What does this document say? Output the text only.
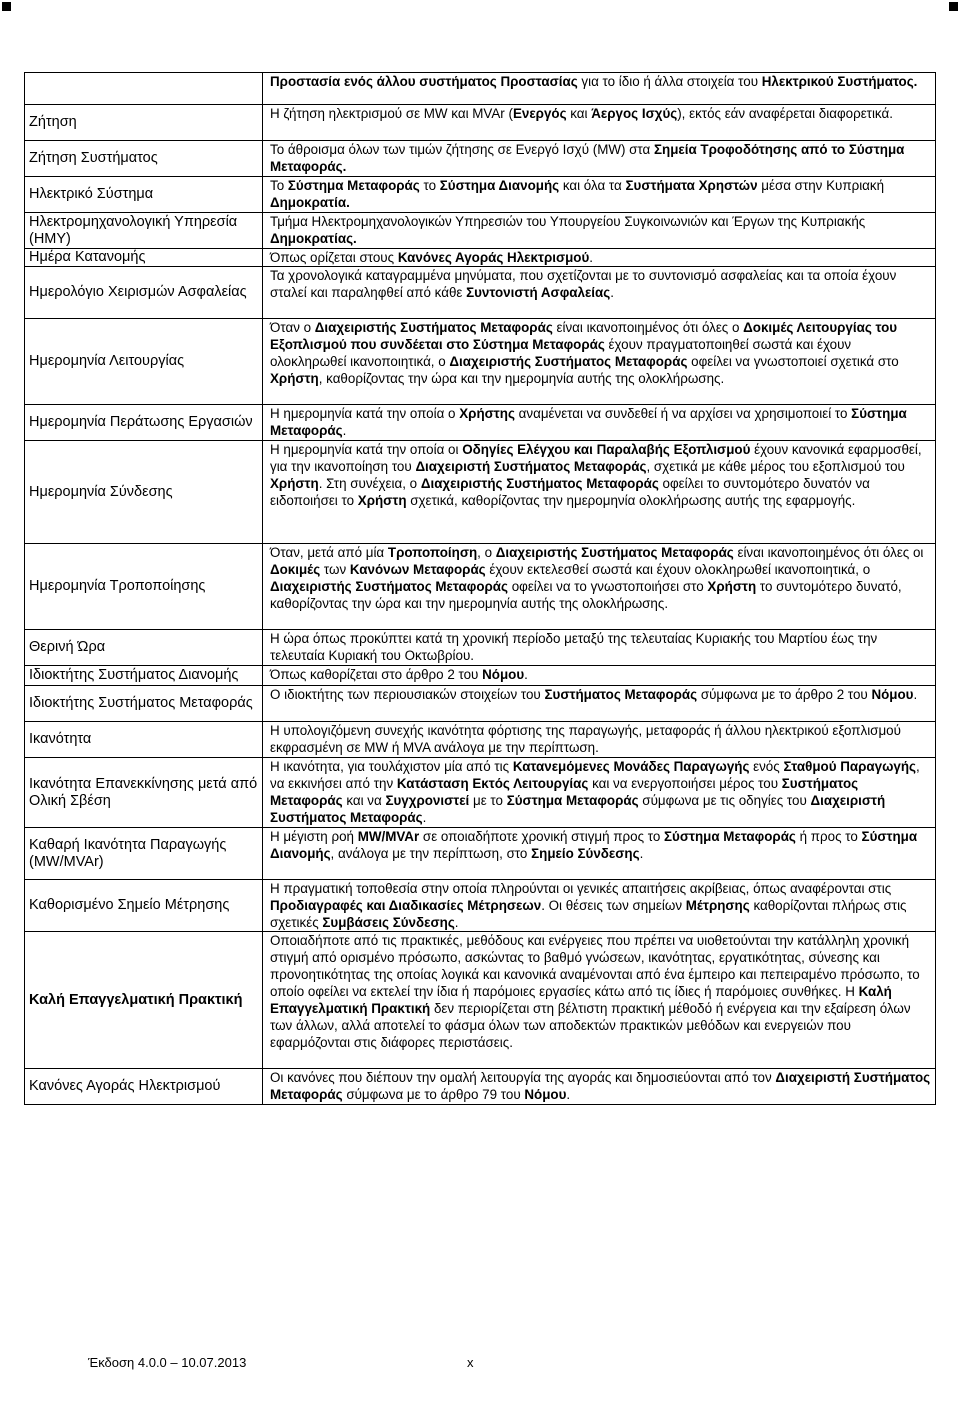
	Προστασία ενός άλλου συστήματος Προστασίας για το ίδιο ή άλλα στοιχεία του Ηλεκτρικού Συστήματος.
Ζήτηση	Η ζήτηση ηλεκτρισμού σε MW και MVAr (Ενεργός και Άεργος Ισχύς), εκτός εάν αναφέρεται διαφορετικά.
Ζήτηση Συστήματος	Το άθροισμα όλων των τιμών ζήτησης σε Ενεργό Ισχύ (MW) στα Σημεία Τροφοδότησης από το Σύστημα Μεταφοράς.
Ηλεκτρικό Σύστημα	Το Σύστημα Μεταφοράς το Σύστημα Διανομής και όλα τα Συστήματα Χρηστών μέσα στην Κυπριακή Δημοκρατία.
Ηλεκτρομηχανολογική Υπηρεσία (ΗΜΥ)	Τμήμα Ηλεκτρομηχανολογικών Υπηρεσιών του Υπουργείου Συγκοινωνιών και Έργων της Κυπριακής Δημοκρατίας.
Ημέρα Κατανομής	Όπως ορίζεται στους Κανόνες Αγοράς Ηλεκτρισμού.
Ημερολόγιο Χειρισμών Ασφαλείας	Τα χρονολογικά καταγραμμένα μηνύματα, που σχετίζονται με το συντονισμό ασφαλείας και τα οποία έχουν σταλεί και παραληφθεί από κάθε Συντονιστή Ασφαλείας.
Ημερομηνία Λειτουργίας	Όταν ο Διαχειριστής Συστήματος Μεταφοράς είναι ικανοποιημένος ότι όλες ο Δοκιμές Λειτουργίας του Εξοπλισμού που συνδέεται στο Σύστημα Μεταφοράς έχουν πραγματοποιηθεί σωστά και έχουν ολοκληρωθεί ικανοποιητικά, ο Διαχειριστής Συστήματος Μεταφοράς οφείλει να γνωστοποιεί σχετικά στο Χρήστη, καθορίζοντας την ώρα και την ημερομηνία αυτής της ολοκλήρωσης.
Ημερομηνία Περάτωσης Εργασιών	Η ημερομηνία κατά την οποία ο Χρήστης αναμένεται να συνδεθεί ή να αρχίσει να χρησιμοποιεί το Σύστημα Μεταφοράς.
Ημερομηνία Σύνδεσης	Η ημερομηνία κατά την οποία οι Οδηγίες Ελέγχου και Παραλαβής Εξοπλισμού έχουν κανονικά εφαρμοσθεί, για την ικανοποίηση του Διαχειριστή Συστήματος Μεταφοράς, σχετικά με κάθε μέρος του εξοπλισμού του Χρήστη. Στη συνέχεια, ο Διαχειριστής Συστήματος Μεταφοράς οφείλει το συντομότερο δυνατόν να ειδοποιήσει το Χρήστη σχετικά, καθορίζοντας την ημερομηνία ολοκλήρωσης αυτής της εφαρμογής.
Ημερομηνία Τροποποίησης	Όταν, μετά από μία Τροποποίηση, ο Διαχειριστής Συστήματος Μεταφοράς είναι ικανοποιημένος ότι όλες οι Δοκιμές των Κανόνων Μεταφοράς έχουν εκτελεσθεί σωστά και έχουν ολοκληρωθεί ικανοποιητικά, ο Διαχειριστής Συστήματος Μεταφοράς οφείλει να το γνωστοποιήσει στο Χρήστη το συντομότερο δυνατό, καθορίζοντας την ώρα και την ημερομηνία αυτής της ολοκλήρωσης.
Θερινή Ώρα	Η ώρα όπως προκύπτει κατά τη χρονική περίοδο μεταξύ της τελευταίας Κυριακής του Μαρτίου έως την τελευταία Κυριακή του Οκτωβρίου.
Ιδιοκτήτης Συστήματος Διανομής	Όπως καθορίζεται στο άρθρο 2 του Νόμου.
Ιδιοκτήτης Συστήματος Μεταφοράς	Ο ιδιοκτήτης των περιουσιακών στοιχείων του Συστήματος Μεταφοράς σύμφωνα με το άρθρο 2 του Νόμου.
Ικανότητα	Η υπολογιζόμενη συνεχής ικανότητα φόρτισης της παραγωγής, μεταφοράς ή άλλου ηλεκτρικού εξοπλισμού εκφρασμένη σε MW ή MVA ανάλογα με την περίπτωση.
Ικανότητα Επανεκκίνησης μετά από Ολική Σβέση	Η ικανότητα, για τουλάχιστον μία από τις Κατανεμόμενες Μονάδες Παραγωγής ενός Σταθμού Παραγωγής, να εκκινήσει από την Κατάσταση Εκτός Λειτουργίας και να ενεργοποιήσει μέρος του Συστήματος Μεταφοράς και να Συγχρονιστεί με το Σύστημα Μεταφοράς σύμφωνα με τις οδηγίες του Διαχειριστή Συστήματος Μεταφοράς.
Καθαρή Ικανότητα Παραγωγής (MW/MVAr)	Η μέγιστη ροή MW/MVAr σε οποιαδήποτε χρονική στιγμή προς το Σύστημα Μεταφοράς ή προς το Σύστημα Διανομής, ανάλογα με την περίπτωση, στο Σημείο Σύνδεσης.
Καθορισμένο Σημείο Μέτρησης	Η πραγματική τοποθεσία στην οποία πληρούνται οι γενικές απαιτήσεις ακρίβειας, όπως αναφέρονται στις Προδιαγραφές και Διαδικασίες Μέτρησεων. Οι θέσεις των σημείων Μέτρησης καθορίζονται πλήρως στις σχετικές Συμβάσεις Σύνδεσης.
Καλή Επαγγελματική Πρακτική	Οποιαδήποτε από τις πρακτικές, μεθόδους και ενέργειες που πρέπει να υιοθετούνται την κατάλληλη χρονική στιγμή από ορισμένο πρόσωπο, ασκώντας το βαθμό γνώσεων, ικανότητας, εργατικότητας, σύνεσης και προνοητικότητας της οποίας λογικά και κανονικά αναμένονται από ένα έμπειρο και πεπειραμένο πρόσωπο, το οποίο οφείλει να εκτελεί την ίδια ή παρόμοιες εργασίες κάτω από τις ίδιες ή παρόμοιες συνθήκες. Η Καλή Επαγγελματική Πρακτική δεν περιορίζεται στη βέλτιστη πρακτική μέθοδό ή ενέργεια και την εξαίρεση όλων των άλλων, αλλά αποτελεί το φάσμα όλων των αποδεκτών πρακτικών μεθόδων και ενεργειών που εφαρμόζονται στις διάφορες περιστάσεις.
Κανόνες Αγοράς Ηλεκτρισμού	Οι κανόνες που διέπουν την ομαλή λειτουργία της αγοράς και δημοσιεύονται από τον Διαχειριστή Συστήματος Μεταφοράς σύμφωνα με το άρθρο 79 του Νόμου.
Έκδοση 4.0.0 – 10.07.2013	x
